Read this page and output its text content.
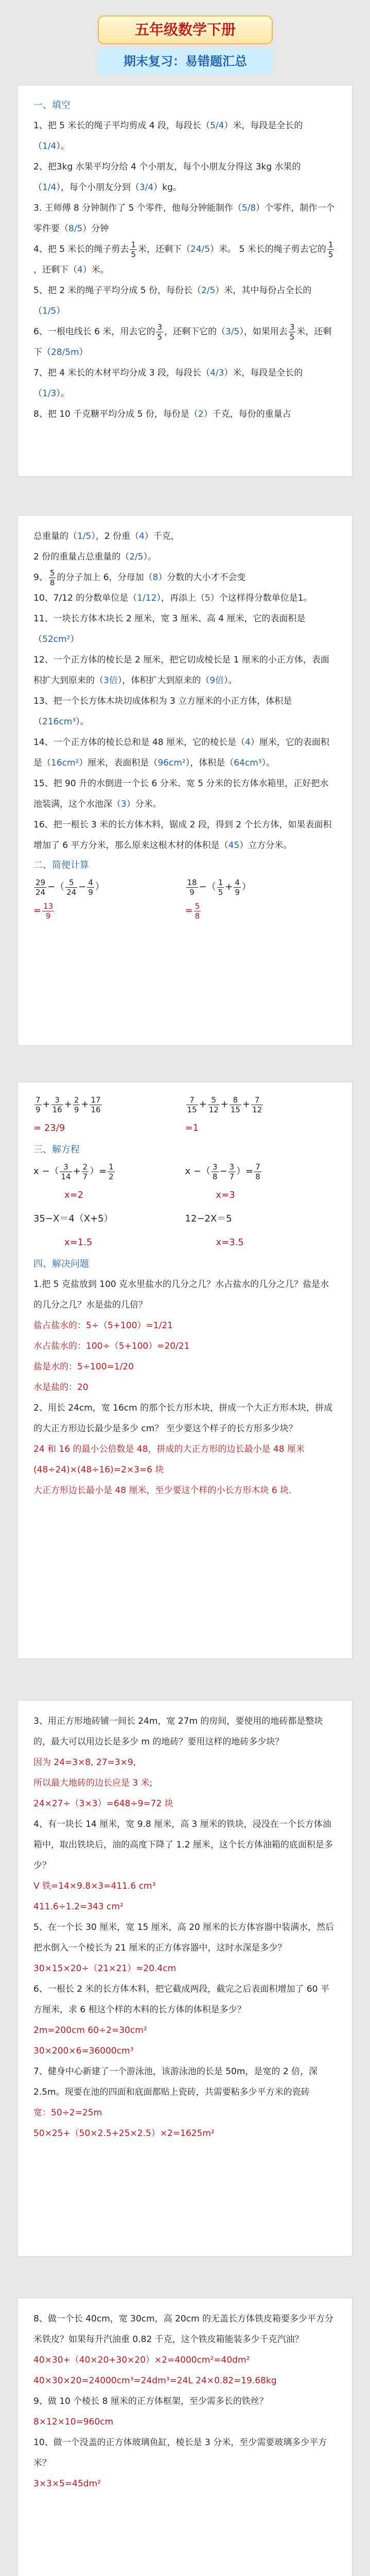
五年级数学下册
期末复习：易错题汇总
一、填空

1、把 5 米长的绳子平均剪成 4 段，每段长（5/4）米，每段是全长的（1/4）。

2、把3kg 水果平均分给 4 个小朋友，每个小朋友分得这 3kg 水果的（1/4），每个小朋友分到（3/4）kg。

3. 王师傅 8 分钟制作了 5 个零件，他每分钟能制作（5/8）个零件，制作一个零件要（8/5）分钟

4、把 5 米长的绳子剪去 $\frac{1}{5}$ 米，还剩下（24/5）米。 5 米长的绳子剪去它的 $\frac{1}{5}$
，还剩下（4）米。

5、把 2 米的绳子平均分成 5 份，每份长（2/5）米，其中每份占全长的（1/5）

6、一根电线长 6 米，用去它的 $\frac{3}{5}$ ，还剩下它的（3/5），如果用去 $\frac{3}{5}$ 米，还剩下（28/5m）

7、把 4 米长的木材平均分成 3 段，每段长（4/3）米，每段是全长的（1/3）。

8、把 10 千克糖平均分成 5 份，每份是（2）千克，每份的重量占

总重量的（1/5），2 份重（4）千克，
2 份的重量占总重量的（2/5）。

9、 $\frac{5}{8}$ 的分子加上 6，分母加（8）分数的大小才不会变

10、7/12 的分数单位是（1/12），再添上（5）个这样得分数单位是1。

11、一块长方体木块长 2 厘米，宽 3 厘米、高 4 厘米，它的表面积是（52cm²）

12、一个正方体的棱长是 2 厘米，把它切成棱长是 1 厘米的小正方体，表面积扩大到原来的（3倍），体积扩大到原来的（9倍）。

13、把一个长方体木块切成体积为 3 立方厘米的小正方体，体积是（216cm³）。

14、一个正方体的棱长总和是 48 厘米，它的棱长是（4）厘米，它的表面积是（16cm²）厘米，表面积是（96cm²），体积是（64cm³）。

15、把 90 升的水倒进一个长 6 分米、宽 5 分米的长方体水箱里，正好把水池装满，这个水池深（3）分米。

16、把一根长 3 米的长方体木料，锯成 2 段，得到 2 个长方体，如果表面积增加了 6 平方分米，那么原来这根木材的体积是（45）立方分米。

二、简便计算
$\frac{29}{24}$ −（ $\frac{5}{24} - \frac{4}{9}$ ）
= $\frac{13}{9}$
$\frac{18}{9}$ −（ $\frac{1}{5} + \frac{4}{9}$ ）
= $\frac{5}{8}$
$\frac{7}{9} + \frac{3}{16} + \frac{2}{9} + \frac{17}{16}$
= 23/9
$\frac{7}{15} + \frac{5}{12} + \frac{8}{15} + \frac{7}{12}$
=1
三、解方程
x −（ $\frac{3}{14} + \frac{2}{7}$ ）= $\frac{1}{2}$
x=2
x −（ $\frac{3}{8} - \frac{3}{7}$ ）= $\frac{7}{8}$
x=3
35−X＝4（X+5）
x=1.5
12−2X＝5
x=3.5
四、解决问题

1.把 5 克盐放到 100 克水里盐水的几分之几？水占盐水的几分之几？盐是水的几分之几？水是盐的几倍？

盐占盐水的：5÷（5+100）=1/21

水占盐水的：100÷（5+100）=20/21

盐是水的：5÷100=1/20

水是盐的：20

2、用长 24cm，宽 16cm 的那个长方形木块，拼成一个大正方形木块，拼成的大正方形边长最少是多少 cm？ 至少要这个样子的长方形多少块？

24 和 16 的最小公倍数是 48，拼成的大正方形的边长最小是 48 厘米

(48÷24)×(48÷16)=2×3=6 块

大正方形边长最小是 48 厘米，至少要这个样的小长方形木块 6 块.

3、用正方形地砖铺一间长 24m，宽 27m 的房间，要使用的地砖都是整块的，最大可以用边长是多少 m 的地砖？要用这样的地砖多少块？

因为 24=3×8, 27=3×9,

所以最大地砖的边长应是 3 米;

24×27÷（3×3）=648÷9=72 块

4、有一块长 14 厘米，宽 9.8 厘米，高 3 厘米的铁块，浸没在一个长方体油箱中，取出铁块后，油的高度下降了 1.2 厘米，这个长方体油箱的底面积是多少？

V 铁=14×9.8×3=411.6 cm³

411.6÷1.2=343 cm²

5、在一个长 30 厘米，宽 15 厘米，高 20 厘米的长方体容器中装满水，然后把水倒入一个棱长为 21 厘米的正方体容器中，这时水深是多少？

30×15×20÷（21×21）≈20.4cm

6、一根长 2 米的长方体木料，把它截成两段，截完之后表面积增加了 60 平方厘米，求 6 根这个样的木料的长方体的体积是多少？

2m=200cm 60÷2=30cm²

30×200×6=36000cm³

7、健身中心新建了一个游泳池，该游泳池的长是 50m，是宽的 2 倍，深 2.5m。现要在池的四面和底面都贴上瓷砖，共需要粘多少平方米的瓷砖

宽：50÷2=25m

50×25+（50×2.5+25×2.5）×2=1625m²

8、做一个长 40cm，宽 30cm，高 20cm 的无盖长方体铁皮箱要多少平方分米铁皮？如果每升汽油重 0.82 千克，这个铁皮箱能装多少千克汽油？

40×30+（40×20+30×20）×2=4000cm²=40dm²

40×30×20=24000cm³=24dm³=24L 24×0.82=19.68kg

9、做 10 个棱长 8 厘米的正方体框架，至少需多长的铁丝？

8×12×10=960cm

10、做一个没盖的正方体玻璃鱼缸，棱长是 3 分米，至少需要玻璃多少平方米？

3×3×5=45dm²
